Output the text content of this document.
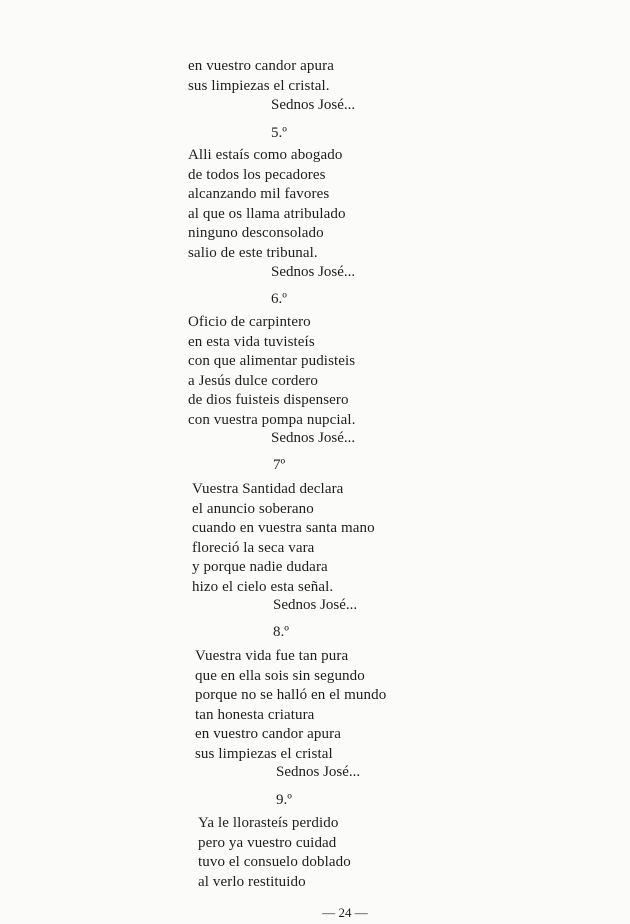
en vuestro candor apura
sus limpiezas el cristal.
Sednos José...
5.º
Alli estaís como abogado
de todos los pecadores
alcanzando mil favores
al que os llama atribulado
ninguno desconsolado
salio de este tribunal.
Sednos José...
6.º
Oficio de carpintero
en esta vida tuvisteís
con que alimentar pudisteis
a Jesús dulce cordero
de dios fuisteis dispensero
con vuestra pompa nupcial.
Sednos José...
7º
Vuestra Santidad declara
el anuncio soberano
cuando en vuestra santa mano
floreció la seca vara
y porque nadie dudara
hizo el cielo esta señal.
Sednos José...
8.º
Vuestra vida fue tan pura
que en ella sois sin segundo
porque no se halló en el mundo
tan honesta criatura
en vuestro candor apura
sus limpiezas el cristal
Sednos José...
9.º
Ya le llorasteís perdido
pero ya vuestro cuidad
tuvo el consuelo doblado
al verlo restituido
— 24 —
